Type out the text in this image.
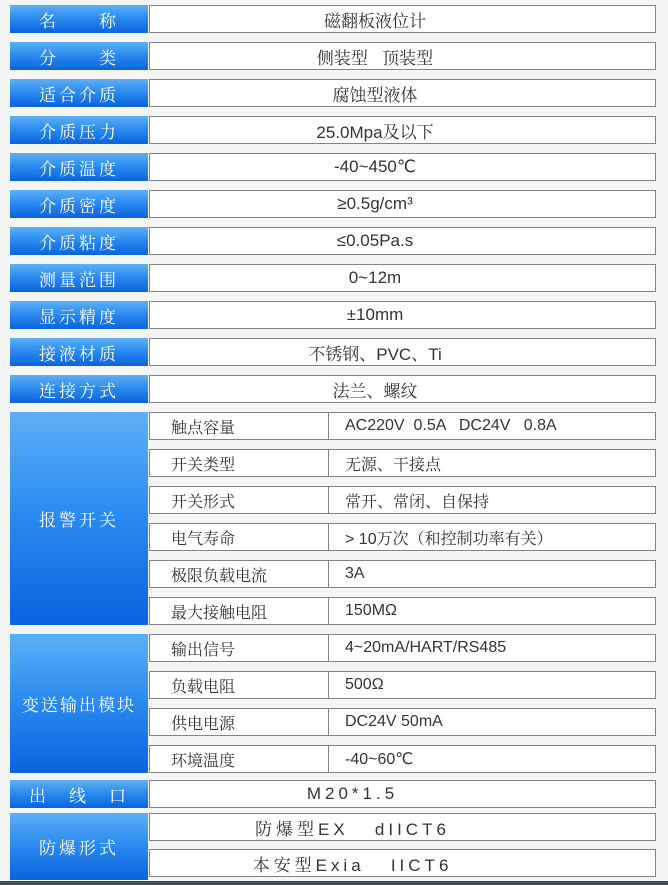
名　　称	磁翻板液位计
分　　类	侧装型   顶装型
适合介质	腐蚀型液体
介质压力	25.0Mpa及以下
介质温度	-40~450℃
介质密度	≥0.5g/cm³
介质粘度	≤0.05Pa.s
测量范围	0~12m
显示精度	±10mm
接液材质	不锈钢、PVC、Ti
连接方式	法兰、螺纹
报警开关
触点容量	AC220V  0.5A   DC24V   0.8A
开关类型	无源、干接点
开关形式	常开、常闭、自保持
电气寿命	> 10万次（和控制功率有关）
极限负载电流	3A
最大接触电阻	150MΩ
变送输出模块
输出信号	4~20mA/HART/RS485
负载电阻	500Ω
供电电源	DC24V 50mA
环境温度	-40~60℃
出　线　口	M20*1.5
防爆形式
防爆型EX   dIICT6
本安型Exia   IICT6
